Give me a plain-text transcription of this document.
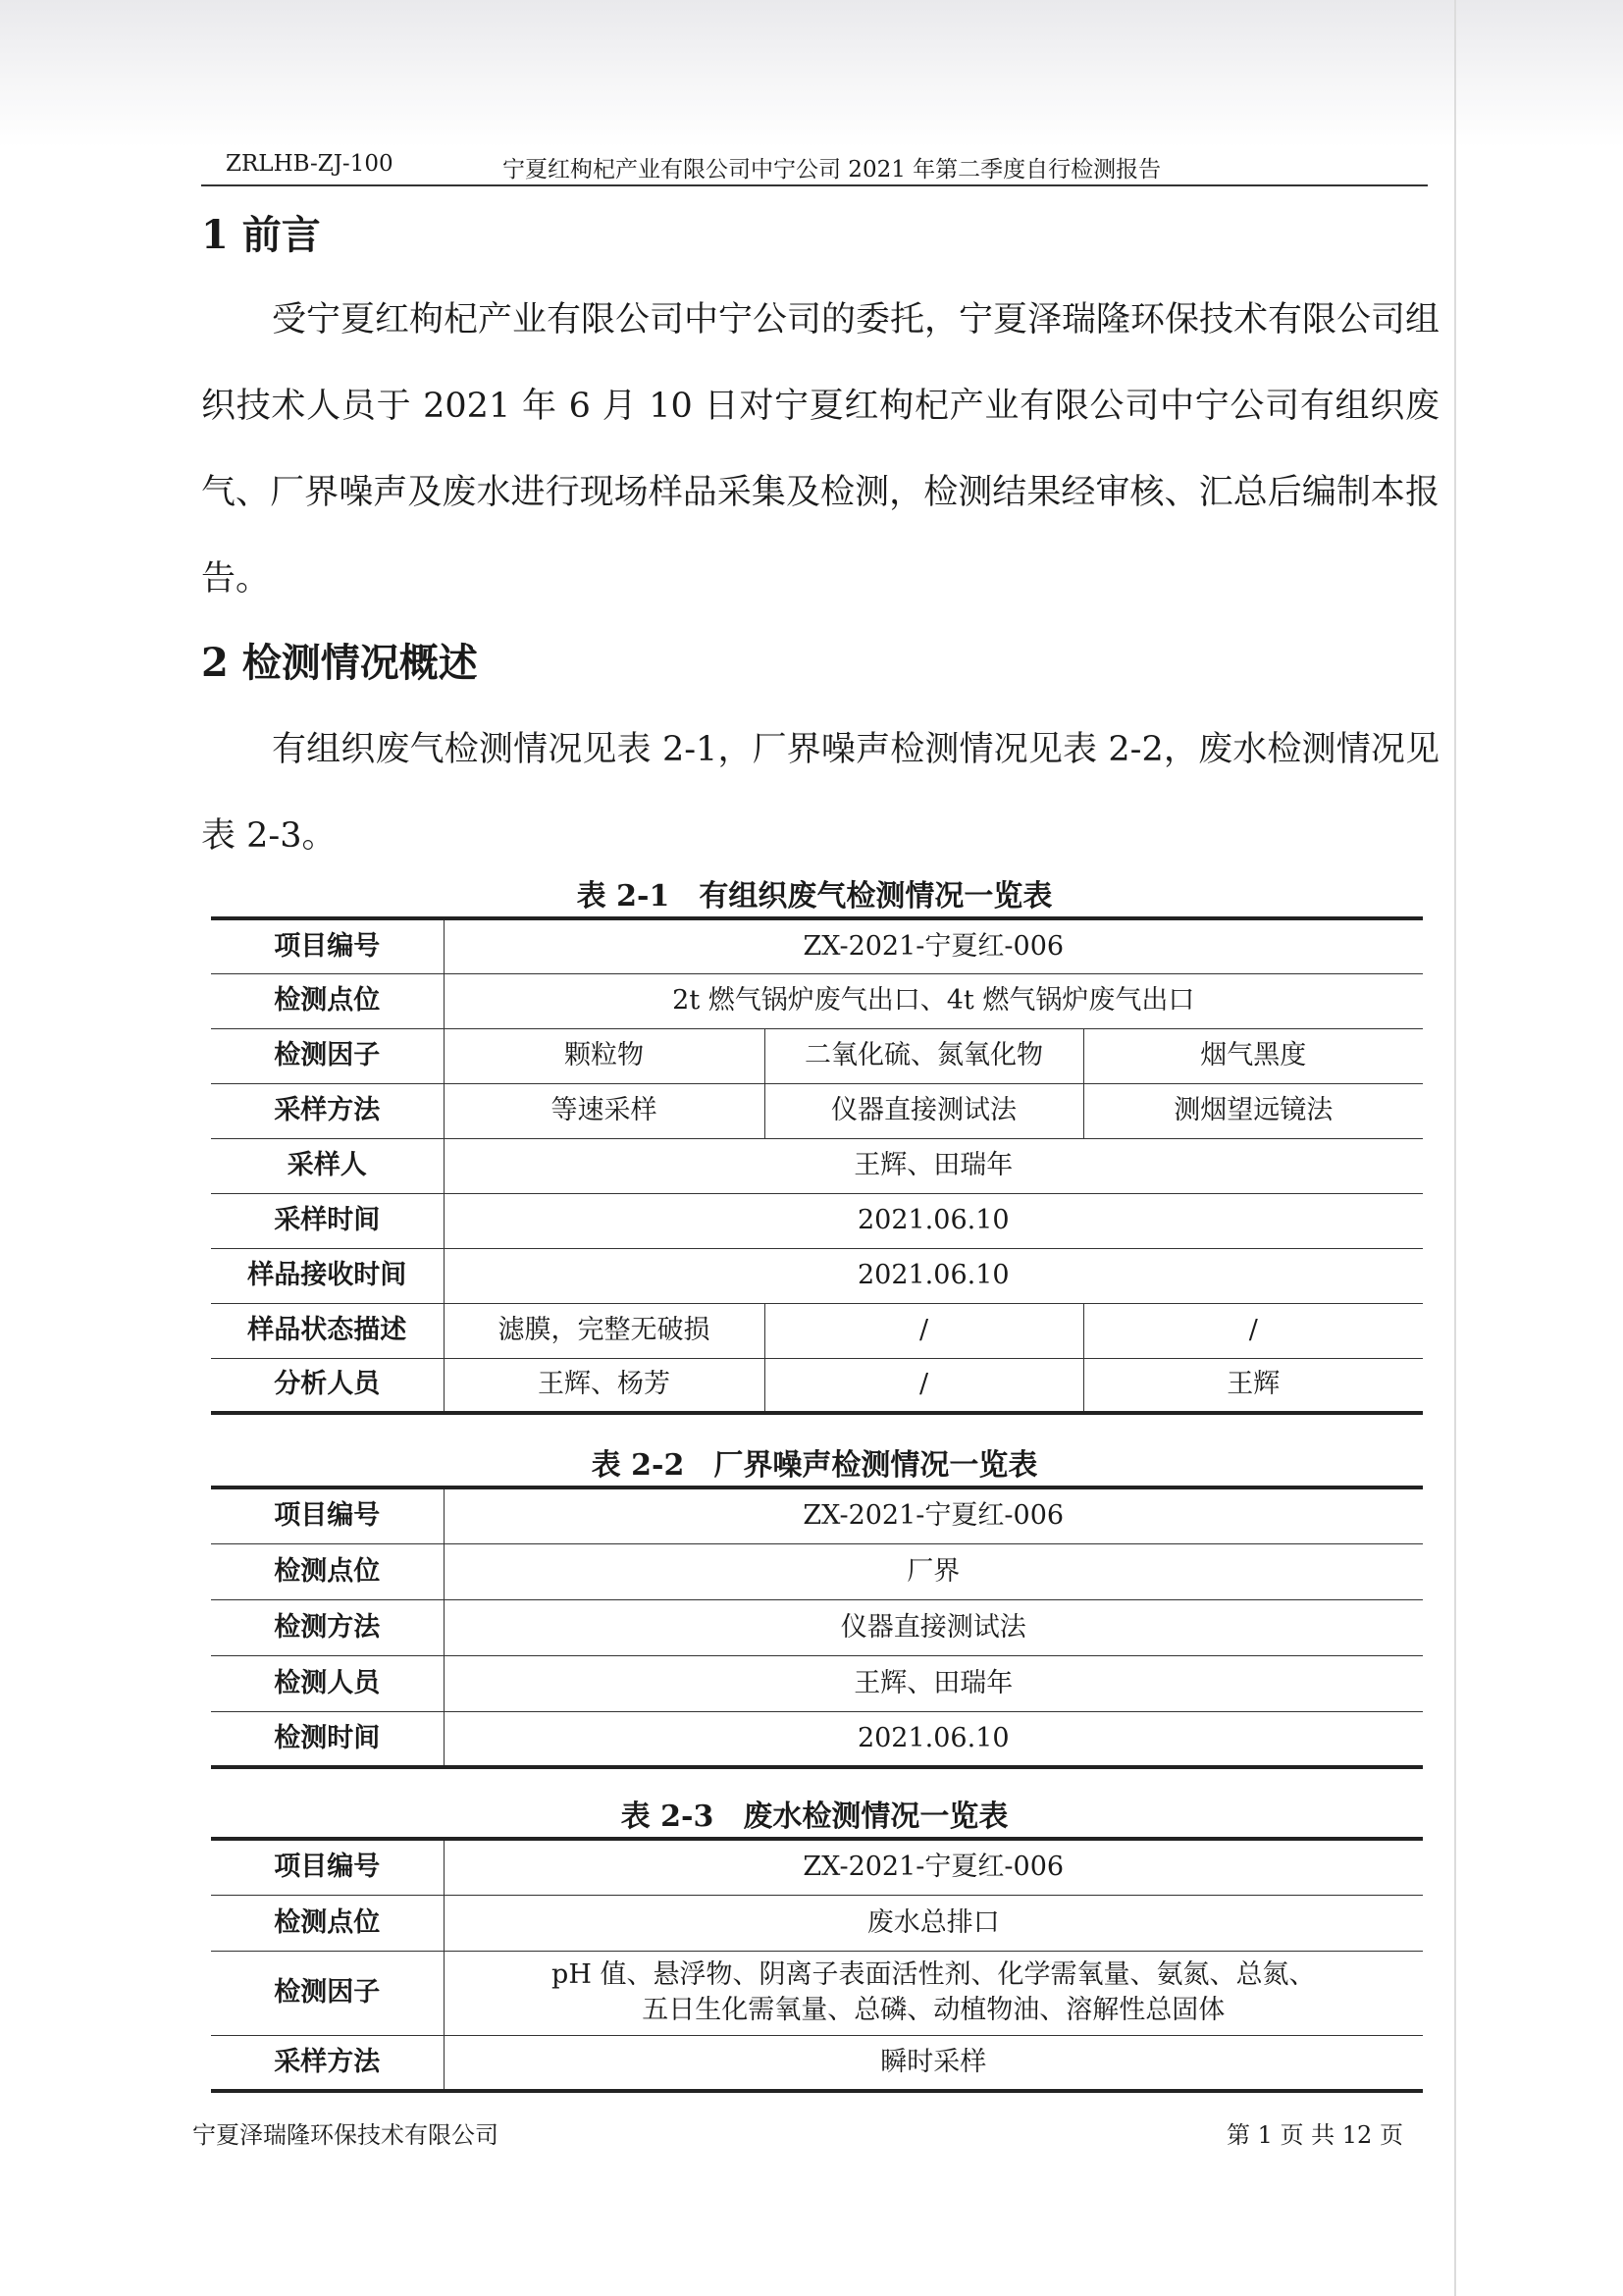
ZRLHB-ZJ-100	宁夏红枸杞产业有限公司中宁公司 2021 年第二季度自行检测报告
1 前言

受宁夏红枸杞产业有限公司中宁公司的委托，宁夏泽瑞隆环保技术有限公司组织技术人员于 2021 年 6 月 10 日对宁夏红枸杞产业有限公司中宁公司有组织废气、厂界噪声及废水进行现场样品采集及检测，检测结果经审核、汇总后编制本报告。

2 检测情况概述

有组织废气检测情况见表 2-1，厂界噪声检测情况见表 2-2，废水检测情况见表 2-3。

表 2-1　有组织废气检测情况一览表
项目编号	ZX-2021-宁夏红-006		
检测点位	2t 燃气锅炉废气出口、4t 燃气锅炉废气出口		
检测因子	颗粒物	二氧化硫、氮氧化物	烟气黑度
采样方法	等速采样	仪器直接测试法	测烟望远镜法
采样人	王辉、田瑞年		
采样时间	2021.06.10		
样品接收时间	2021.06.10		
样品状态描述	滤膜，完整无破损	/	/
分析人员	王辉、杨芳	/	王辉
表 2-2　厂界噪声检测情况一览表
项目编号	ZX-2021-宁夏红-006
检测点位	厂界
检测方法	仪器直接测试法
检测人员	王辉、田瑞年
检测时间	2021.06.10
表 2-3　废水检测情况一览表
项目编号	ZX-2021-宁夏红-006
检测点位	废水总排口
检测因子	pH 值、悬浮物、阴离子表面活性剂、化学需氧量、氨氮、总氮、
五日生化需氧量、总磷、动植物油、溶解性总固体

采样方法	瞬时采样
宁夏泽瑞隆环保技术有限公司	第 1 页 共 12 页
